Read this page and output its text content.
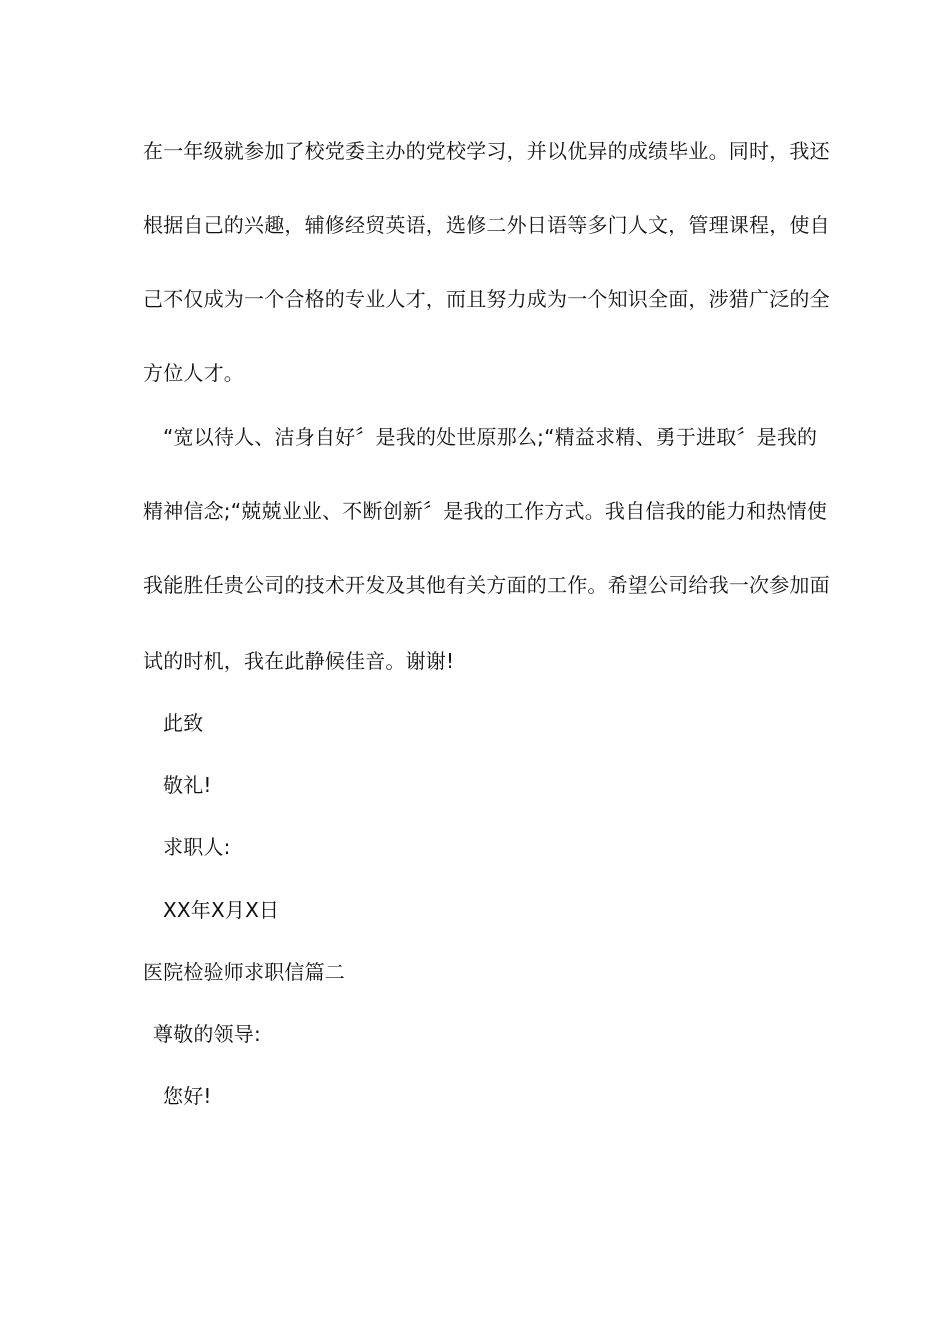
在一年级就参加了校党委主办的党校学习，并以优异的成绩毕业。同时，我还
根据自己的兴趣，辅修经贸英语，选修二外日语等多门人文，管理课程，使自
己不仅成为一个合格的专业人才，而且努力成为一个知识全面，涉猎广泛的全
方位人才。
“宽以待人、洁身自好〞是我的处世原那么;“精益求精、勇于进取〞是我的
精神信念;“兢兢业业、不断创新〞是我的工作方式。我自信我的能力和热情使
我能胜任贵公司的技术开发及其他有关方面的工作。希望公司给我一次参加面
试的时机，我在此静候佳音。谢谢!
此致
敬礼!
求职人:
XX年X月X日
医院检验师求职信篇二
尊敬的领导:
您好!
